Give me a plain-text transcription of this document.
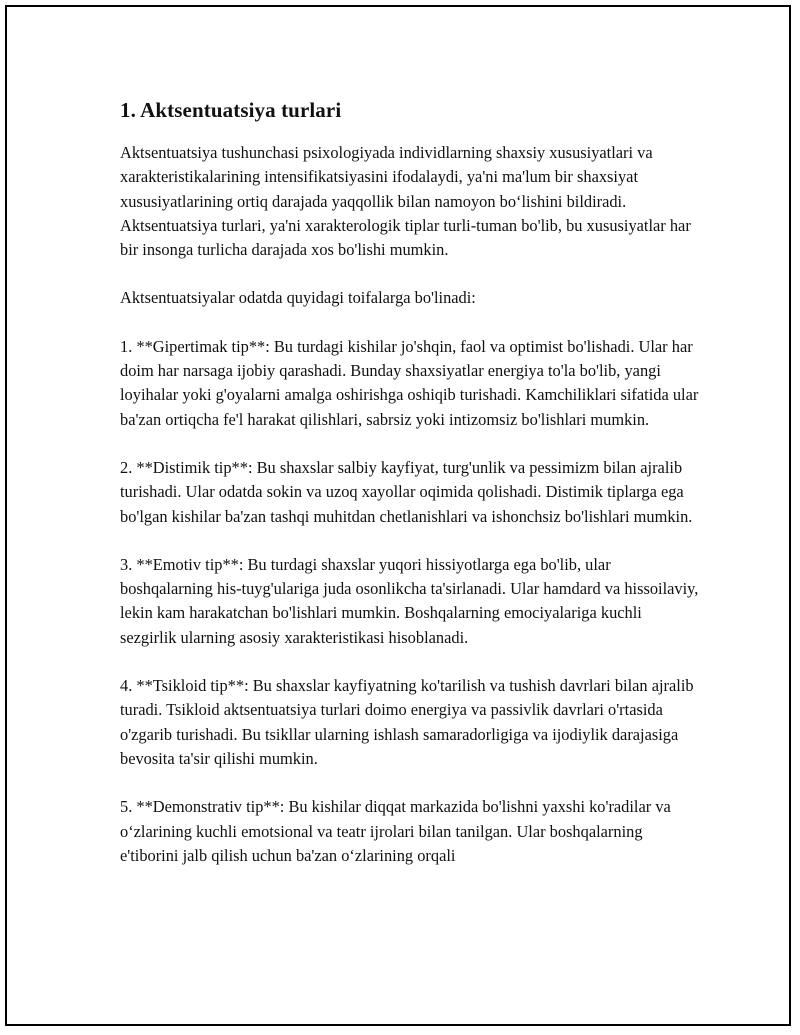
1. Aktsentuatsiya turlari

Aktsentuatsiya tushunchasi psixologiyada individlarning shaxsiy xususiyatlari va xarakteristikalarining intensifikatsiyasini ifodalaydi, ya'ni ma'lum bir shaxsiyat xususiyatlarining ortiq darajada yaqqollik bilan namoyon boʻlishini bildiradi. Aktsentuatsiya turlari, ya'ni xarakterologik tiplar turli-tuman bo'lib, bu xususiyatlar har bir insonga turlicha darajada xos bo'lishi mumkin.

Aktsentuatsiyalar odatda quyidagi toifalarga bo'linadi:

1. **Gipertimak tip**: Bu turdagi kishilar jo'shqin, faol va optimist bo'lishadi. Ular har doim har narsaga ijobiy qarashadi. Bunday shaxsiyatlar energiya to'la bo'lib, yangi loyihalar yoki g'oyalarni amalga oshirishga oshiqib turishadi. Kamchiliklari sifatida ular ba'zan ortiqcha fe'l harakat qilishlari, sabrsiz yoki intizomsiz bo'lishlari mumkin.

2. **Distimik tip**: Bu shaxslar salbiy kayfiyat, turg'unlik va pessimizm bilan ajralib turishadi. Ular odatda sokin va uzoq xayollar oqimida qolishadi. Distimik tiplarga ega bo'lgan kishilar ba'zan tashqi muhitdan chetlanishlari va ishonchsiz bo'lishlari mumkin.

3. **Emotiv tip**: Bu turdagi shaxslar yuqori hissiyotlarga ega bo'lib, ular boshqalarning his-tuyg'ulariga juda osonlikcha ta'sirlanadi. Ular hamdard va hissoilaviy, lekin kam harakatchan bo'lishlari mumkin. Boshqalarning emociyalariga kuchli sezgirlik ularning asosiy xarakteristikasi hisoblanadi.

4. **Tsikloid tip**: Bu shaxslar kayfiyatning ko'tarilish va tushish davrlari bilan ajralib turadi. Tsikloid aktsentuatsiya turlari doimo energiya va passivlik davrlari o'rtasida o'zgarib turishadi. Bu tsikllar ularning ishlash samaradorligiga va ijodiylik darajasiga bevosita ta'sir qilishi mumkin.

5. **Demonstrativ tip**: Bu kishilar diqqat markazida bo'lishni yaxshi ko'radilar va oʻzlarining kuchli emotsional va teatr ijrolari bilan tanilgan. Ular boshqalarning e'tiborini jalb qilish uchun ba'zan oʻzlarining orqali
